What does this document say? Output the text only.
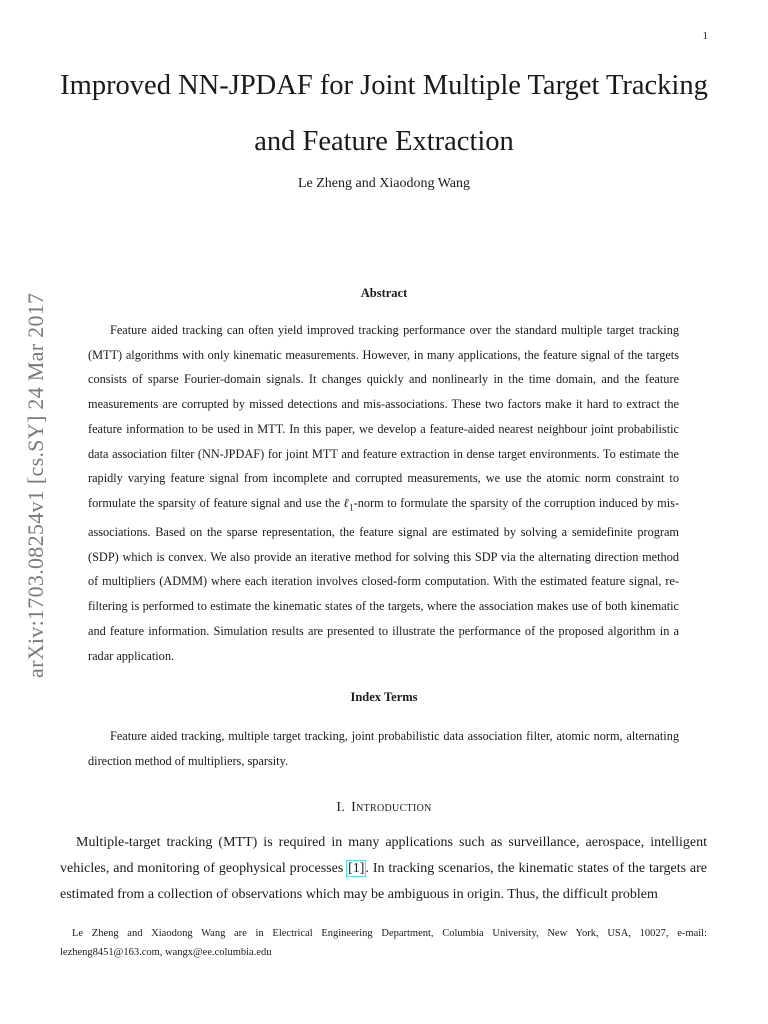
1
arXiv:1703.08254v1 [cs.SY] 24 Mar 2017
Improved NN-JPDAF for Joint Multiple Target Tracking and Feature Extraction
Le Zheng and Xiaodong Wang
Abstract

Feature aided tracking can often yield improved tracking performance over the standard multiple target tracking (MTT) algorithms with only kinematic measurements. However, in many applications, the feature signal of the targets consists of sparse Fourier-domain signals. It changes quickly and nonlinearly in the time domain, and the feature measurements are corrupted by missed detections and mis-associations. These two factors make it hard to extract the feature information to be used in MTT. In this paper, we develop a feature-aided nearest neighbour joint probabilistic data association filter (NN-JPDAF) for joint MTT and feature extraction in dense target environments. To estimate the rapidly varying feature signal from incomplete and corrupted measurements, we use the atomic norm constraint to formulate the sparsity of feature signal and use the ℓ$_1$-norm to formulate the sparsity of the corruption induced by mis-associations. Based on the sparse representation, the feature signal are estimated by solving a semidefinite program (SDP) which is convex. We also provide an iterative method for solving this SDP via the alternating direction method of multipliers (ADMM) where each iteration involves closed-form computation. With the estimated feature signal, re-filtering is performed to estimate the kinematic states of the targets, where the association makes use of both kinematic and feature information. Simulation results are presented to illustrate the performance of the proposed algorithm in a radar application.

Index Terms

Feature aided tracking, multiple target tracking, joint probabilistic data association filter, atomic norm, alternating direction method of multipliers, sparsity.

I. Introduction

Multiple-target tracking (MTT) is required in many applications such as surveillance, aerospace, intelligent vehicles, and monitoring of geophysical processes [1]. In tracking scenarios, the kinematic states of the targets are estimated from a collection of observations which may be ambiguous in origin. Thus, the difficult problem

Le Zheng and Xiaodong Wang are in Electrical Engineering Department, Columbia University, New York, USA, 10027, e-mail: lezheng8451@163.com, wangx@ee.columbia.edu
